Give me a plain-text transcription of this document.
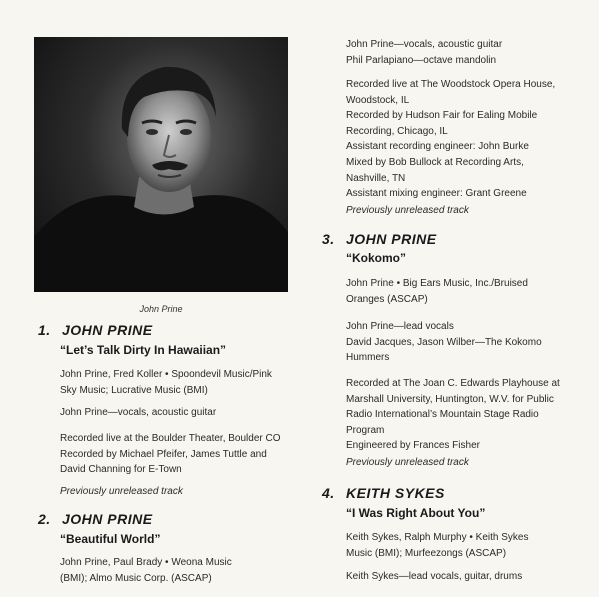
John Prine
1. JOHN PRINE
“Let’s Talk Dirty In Hawaiian”
John Prine, Fred Koller • Spoondevil Music/Pink
Sky Music; Lucrative Music (BMI)
John Prine—vocals, acoustic guitar
Recorded live at the Boulder Theater, Boulder CO
Recorded by Michael Pfeifer, James Tuttle and
David Channing for E-Town
Previously unreleased track
2. JOHN PRINE
“Beautiful World”
John Prine, Paul Brady • Weona Music
(BMI); Almo Music Corp. (ASCAP)
John Prine—vocals, acoustic guitar
Phil Parlapiano—octave mandolin
Recorded live at The Woodstock Opera House,
Woodstock, IL
Recorded by Hudson Fair for Ealing Mobile
Recording, Chicago, IL
Assistant recording engineer: John Burke
Mixed by Bob Bullock at Recording Arts,
Nashville, TN
Assistant mixing engineer: Grant Greene
Previously unreleased track
3. JOHN PRINE
“Kokomo”
John Prine • Big Ears Music, Inc./Bruised
Oranges (ASCAP)
John Prine—lead vocals
David Jacques, Jason Wilber—The Kokomo
Hummers
Recorded at The Joan C. Edwards Playhouse at
Marshall University, Huntington, W.V. for Public
Radio International’s Mountain Stage Radio
Program
Engineered by Frances Fisher
Previously unreleased track
4. KEITH SYKES
“I Was Right About You”
Keith Sykes, Ralph Murphy • Keith Sykes
Music (BMI); Murfeezongs (ASCAP)
Keith Sykes—lead vocals, guitar, drums
